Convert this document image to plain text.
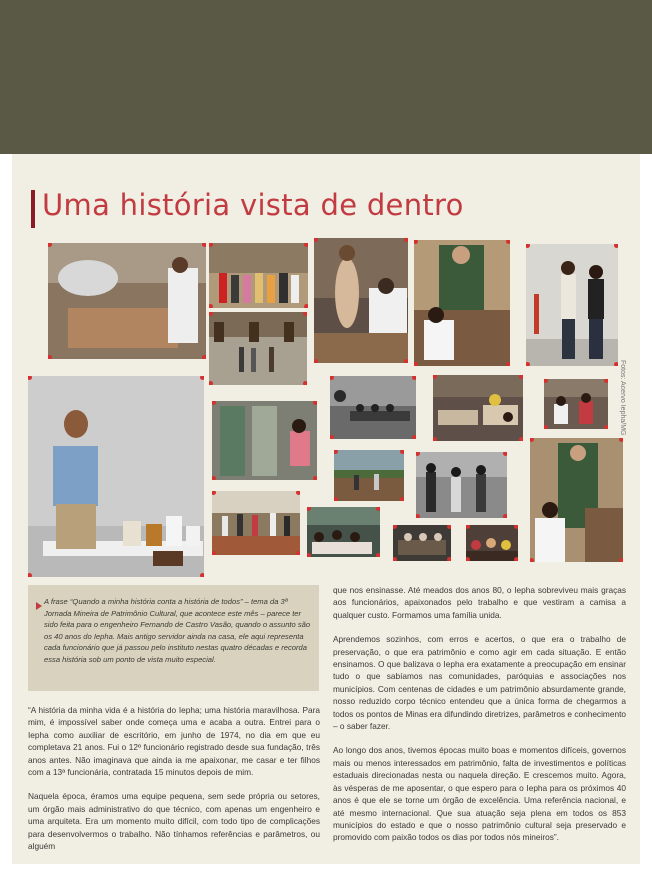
Uma história vista de dentro
Fotos: Acervo Iepha/MG
A frase “Quando a minha história conta a história de todos” – tema da 3ª Jornada Mineira de Patrimônio Cultural, que acontece este mês – parece ter sido feita para o engenheiro Fernando de Castro Vasão, quando o assunto são os 40 anos do Iepha. Mais antigo servidor ainda na casa, ele aqui representa cada funcionário que já passou pelo instituto nestas quatro décadas e recorda essa história sob um ponto de vista muito especial.

“A história da minha vida é a história do Iepha; uma história maravilhosa. Para mim, é impossível saber onde começa uma e acaba a outra. Entrei para o Iepha como auxiliar de escritório, em junho de 1974, no dia em que eu completava 21 anos. Fui o 12º funcionário registrado desde sua fundação, três anos antes. Não imaginava que ainda ia me apaixonar, me casar e ter filhos com a 13ª funcionária, contratada 15 minutos depois de mim.

Naquela época, éramos uma equipe pequena, sem sede própria ou setores, um órgão mais administrativo do que técnico, com apenas um engenheiro e uma arquiteta. Era um momento muito difícil, com todo tipo de complicações para desenvolvermos o trabalho. Não tínhamos referências e parâmetros, ou alguém

que nos ensinasse. Até meados dos anos 80, o Iepha sobreviveu mais graças aos funcionários, apaixonados pelo trabalho e que vestiram a camisa a qualquer custo. Formamos uma família unida.

Aprendemos sozinhos, com erros e acertos, o que era o trabalho de preservação, o que era patrimônio e como agir em cada situação. E então ensinamos. O que balizava o Iepha era exatamente a preocupação em ensinar tudo o que sabíamos nas comunidades, paróquias e associações nos municípios. Com centenas de cidades e um patrimônio absurdamente grande, nosso reduzido corpo técnico entendeu que a única forma de chegarmos a todos os pontos de Minas era difundindo diretrizes, parâmetros e conhecimento – o saber fazer.

Ao longo dos anos, tivemos épocas muito boas e momentos difíceis, governos mais ou menos interessados em patrimônio, falta de investimentos e políticas estaduais direcionadas nesta ou naquela direção. E crescemos muito. Agora, às vésperas de me aposentar, o que espero para o Iepha para os próximos 40 anos é que ele se torne um órgão de excelência. Uma referência nacional, e até mesmo internacional. Que sua atuação seja plena em todos os 853 municípios do estado e que o nosso patrimônio cultural seja preservado e promovido com paixão todos os dias por todos nós mineiros”.
